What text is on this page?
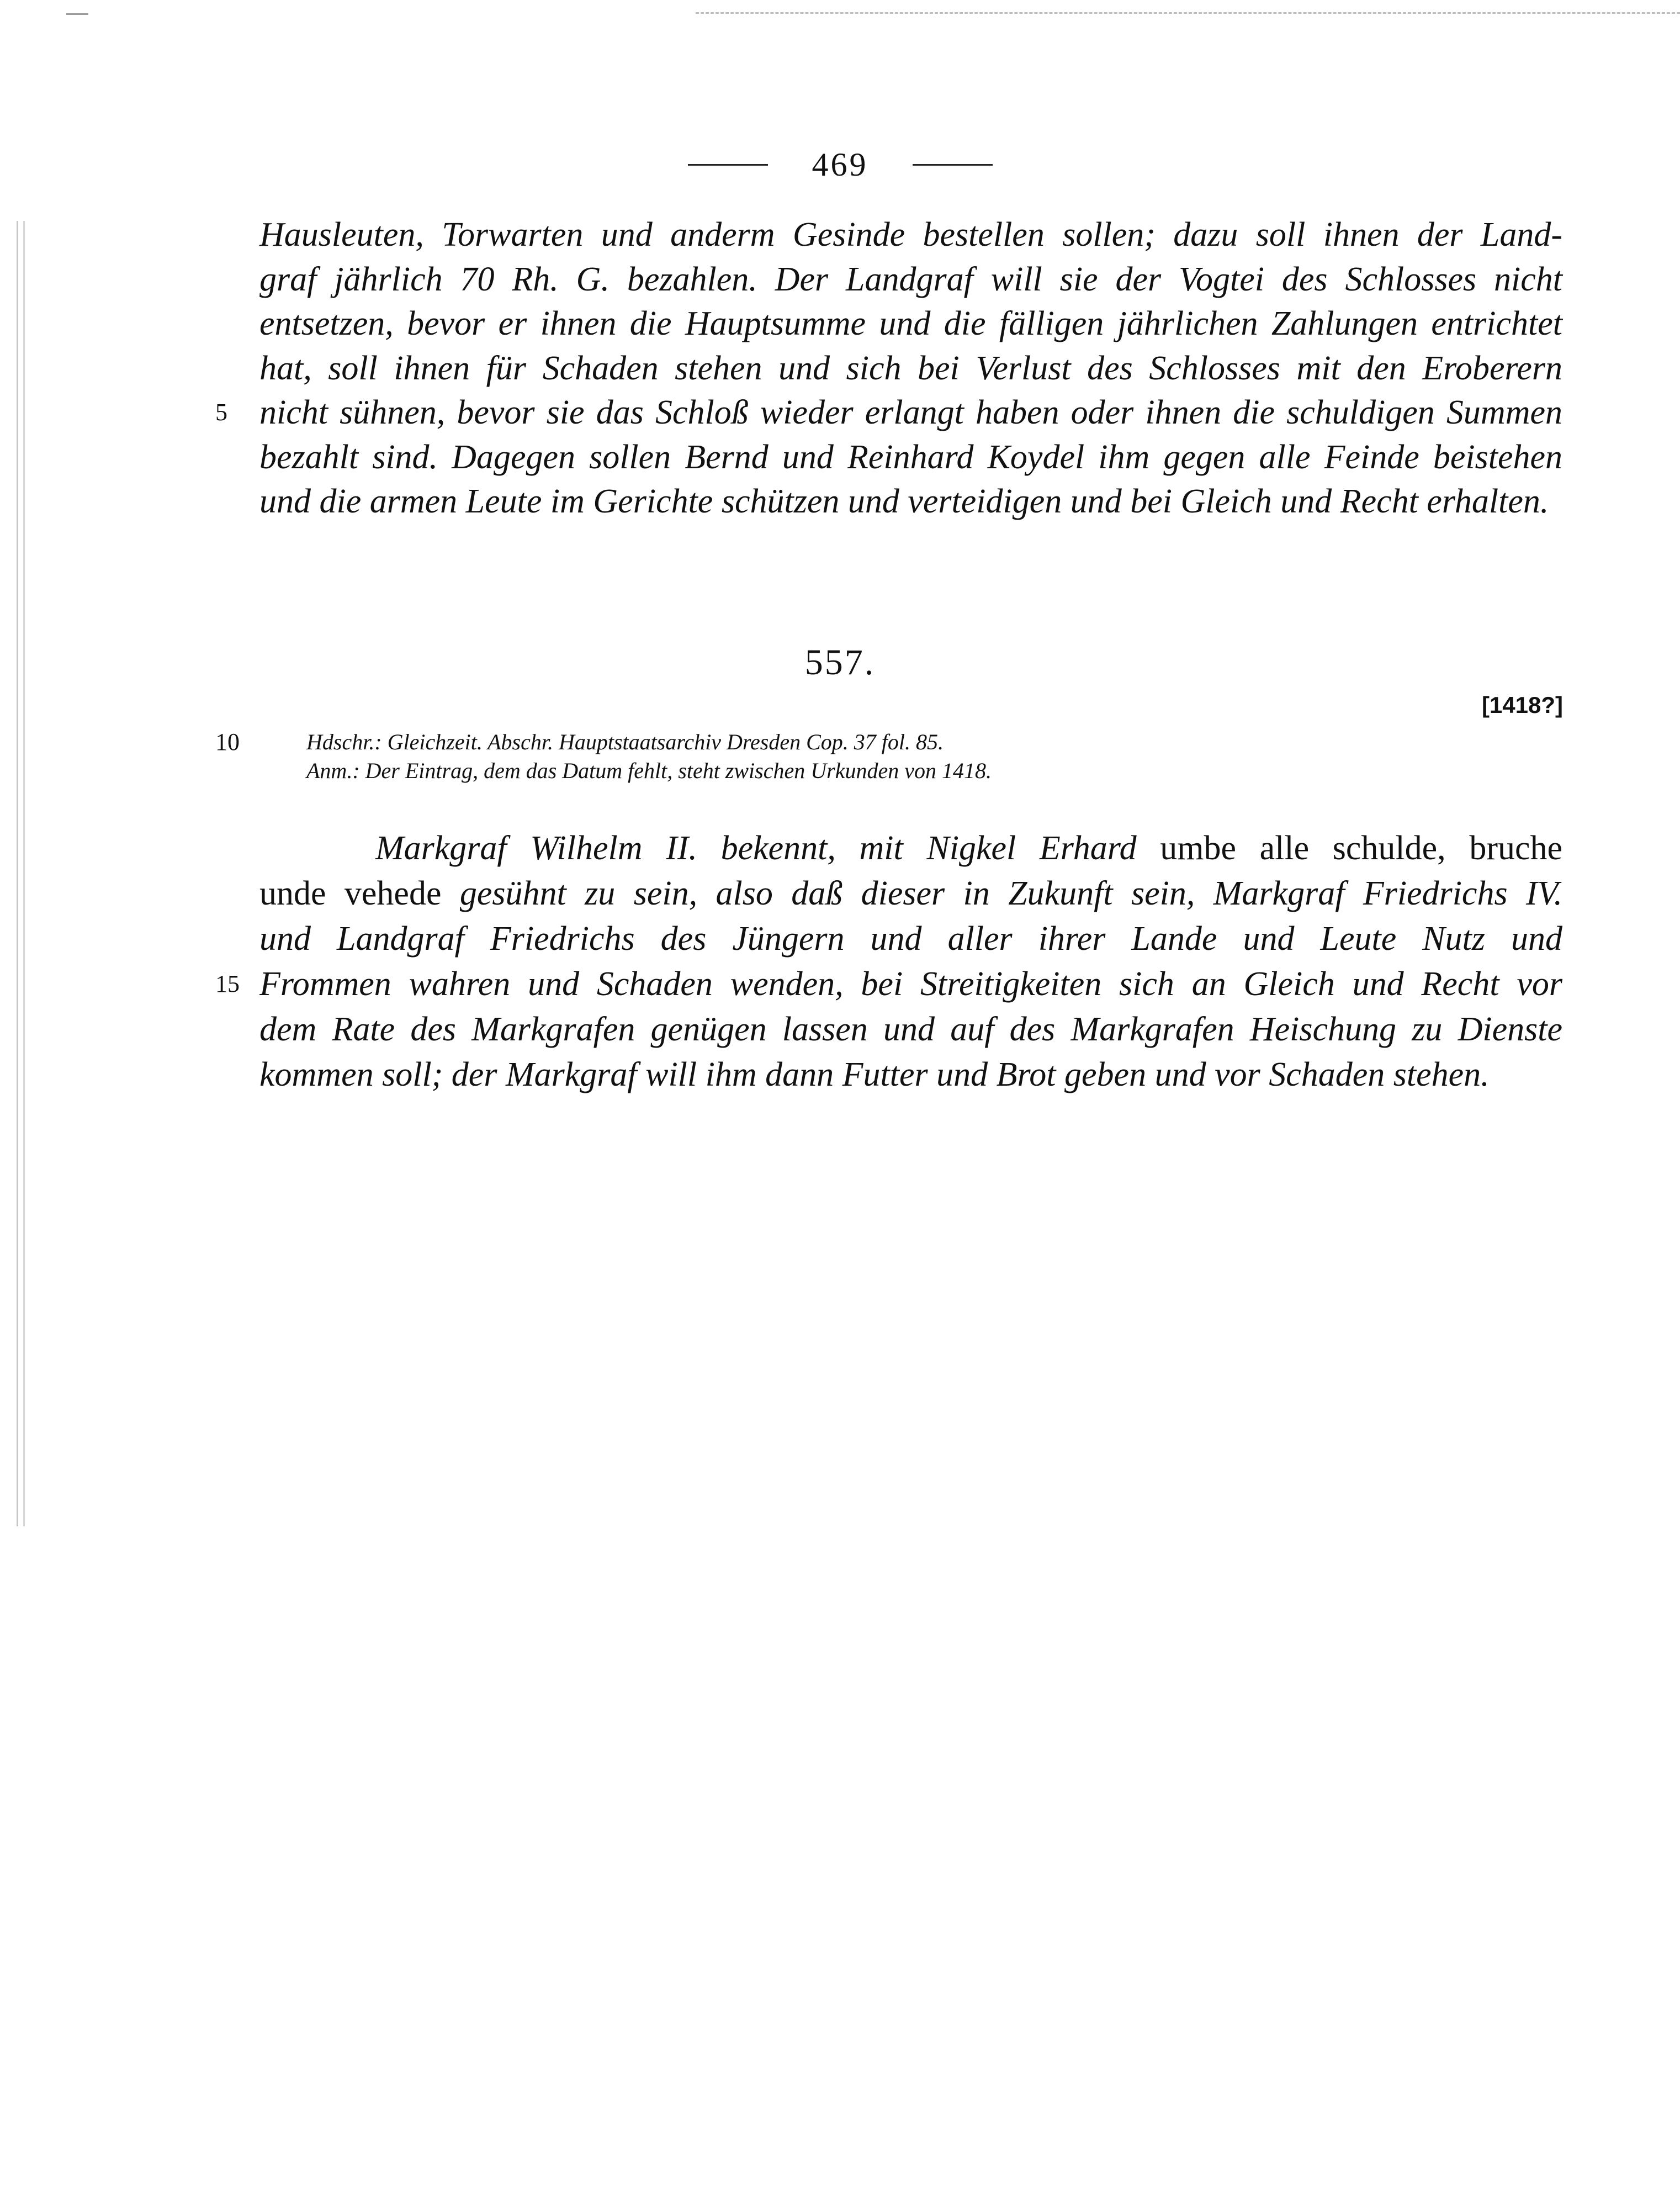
469
Hausleuten, Torwarten und anderm Gesinde bestellen sollen; dazu soll ihnen der Land-
graf jährlich 70 Rh. G. bezahlen. Der Landgraf will sie der Vogtei des Schlosses nicht
entsetzen, bevor er ihnen die Hauptsumme und die fälligen jährlichen Zahlungen entrichtet
hat, soll ihnen für Schaden stehen und sich bei Verlust des Schlosses mit den Eroberern
5 nicht sühnen, bevor sie das Schloß wieder erlangt haben oder ihnen die schuldigen Summen
bezahlt sind. Dagegen sollen Bernd und Reinhard Koydel ihm gegen alle Feinde beistehen
und die armen Leute im Gerichte schützen und verteidigen und bei Gleich und Recht erhalten.
557.
[1418?]
10	Hdschr.: Gleichzeit. Abschr. Hauptstaatsarchiv Dresden Cop. 37 fol. 85.
Anm.: Der Eintrag, dem das Datum fehlt, steht zwischen Urkunden von 1418.
Markgraf Wilhelm II. bekennt, mit Nigkel Erhard umbe alle schulde, bruche
unde vehede gesühnt zu sein, also daß dieser in Zukunft sein, Markgraf Friedrichs IV.
und Landgraf Friedrichs des Jüngern und aller ihrer Lande und Leute Nutz und
15 Frommen wahren und Schaden wenden, bei Streitigkeiten sich an Gleich und Recht vor
dem Rate des Markgrafen genügen lassen und auf des Markgrafen Heischung zu Dienste
kommen soll; der Markgraf will ihm dann Futter und Brot geben und vor Schaden stehen.
